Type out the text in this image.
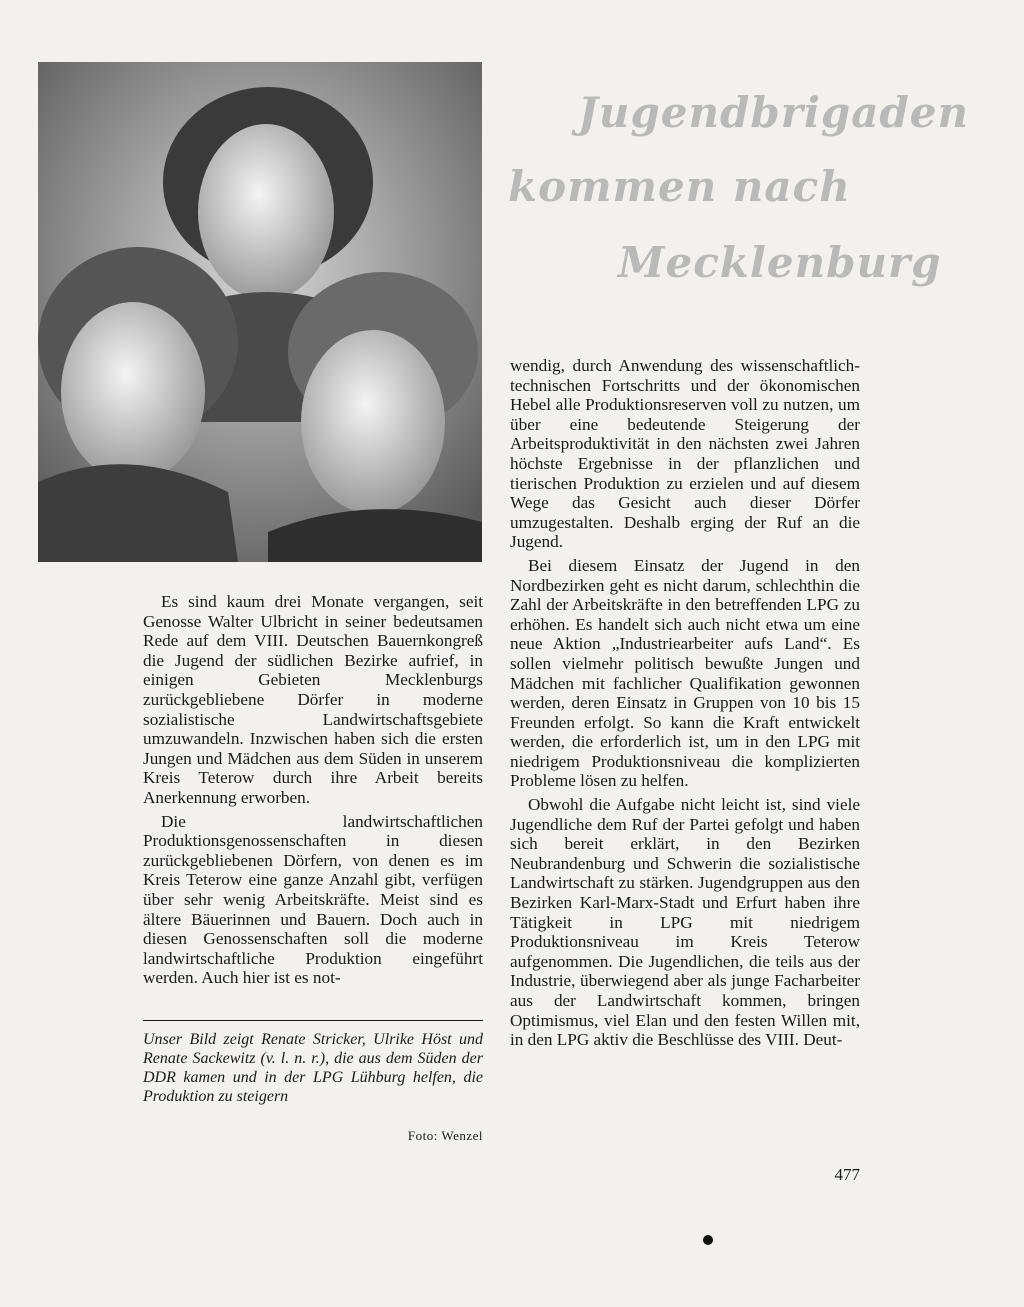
Jugendbrigaden
kommen nach
Mecklenburg

Es sind kaum drei Monate vergangen, seit Genosse Walter Ulbricht in seiner bedeutsamen Rede auf dem VIII. Deutschen Bauernkongreß die Jugend der südlichen Bezirke aufrief, in einigen Gebieten Mecklenburgs zurückgebliebene Dörfer in moderne sozialistische Landwirtschaftsgebiete umzuwandeln. Inzwischen haben sich die ersten Jungen und Mädchen aus dem Süden in unserem Kreis Teterow durch ihre Arbeit bereits Anerkennung erworben.

Die landwirtschaftlichen Produktionsgenossenschaften in diesen zurückgebliebenen Dörfern, von denen es im Kreis Teterow eine ganze Anzahl gibt, verfügen über sehr wenig Arbeitskräfte. Meist sind es ältere Bäuerinnen und Bauern. Doch auch in diesen Genossenschaften soll die moderne landwirtschaftliche Produktion eingeführt werden. Auch hier ist es not-

Unser Bild zeigt Renate Stricker, Ulrike Höst und Renate Sackewitz (v. l. n. r.), die aus dem Süden der DDR kamen und in der LPG Lühburg helfen, die Produktion zu steigern
Foto: Wenzel

wendig, durch Anwendung des wissenschaftlich-technischen Fortschritts und der ökonomischen Hebel alle Produktionsreserven voll zu nutzen, um über eine bedeutende Steigerung der Arbeitsproduktivität in den nächsten zwei Jahren höchste Ergebnisse in der pflanzlichen und tierischen Produktion zu erzielen und auf diesem Wege das Gesicht auch dieser Dörfer umzugestalten. Deshalb erging der Ruf an die Jugend.

Bei diesem Einsatz der Jugend in den Nordbezirken geht es nicht darum, schlechthin die Zahl der Arbeitskräfte in den betreffenden LPG zu erhöhen. Es handelt sich auch nicht etwa um eine neue Aktion „Industriearbeiter aufs Land“. Es sollen vielmehr politisch bewußte Jungen und Mädchen mit fachlicher Qualifikation gewonnen werden, deren Einsatz in Gruppen von 10 bis 15 Freunden erfolgt. So kann die Kraft entwickelt werden, die erforderlich ist, um in den LPG mit niedrigem Produktionsniveau die komplizierten Probleme lösen zu helfen.

Obwohl die Aufgabe nicht leicht ist, sind viele Jugendliche dem Ruf der Partei gefolgt und haben sich bereit erklärt, in den Bezirken Neubrandenburg und Schwerin die sozialistische Landwirtschaft zu stärken. Jugendgruppen aus den Bezirken Karl-Marx-Stadt und Erfurt haben ihre Tätigkeit in LPG mit niedrigem Produktionsniveau im Kreis Teterow aufgenommen. Die Jugendlichen, die teils aus der Industrie, überwiegend aber als junge Facharbeiter aus der Landwirtschaft kommen, bringen Optimismus, viel Elan und den festen Willen mit, in den LPG aktiv die Beschlüsse des VIII. Deut-

477
